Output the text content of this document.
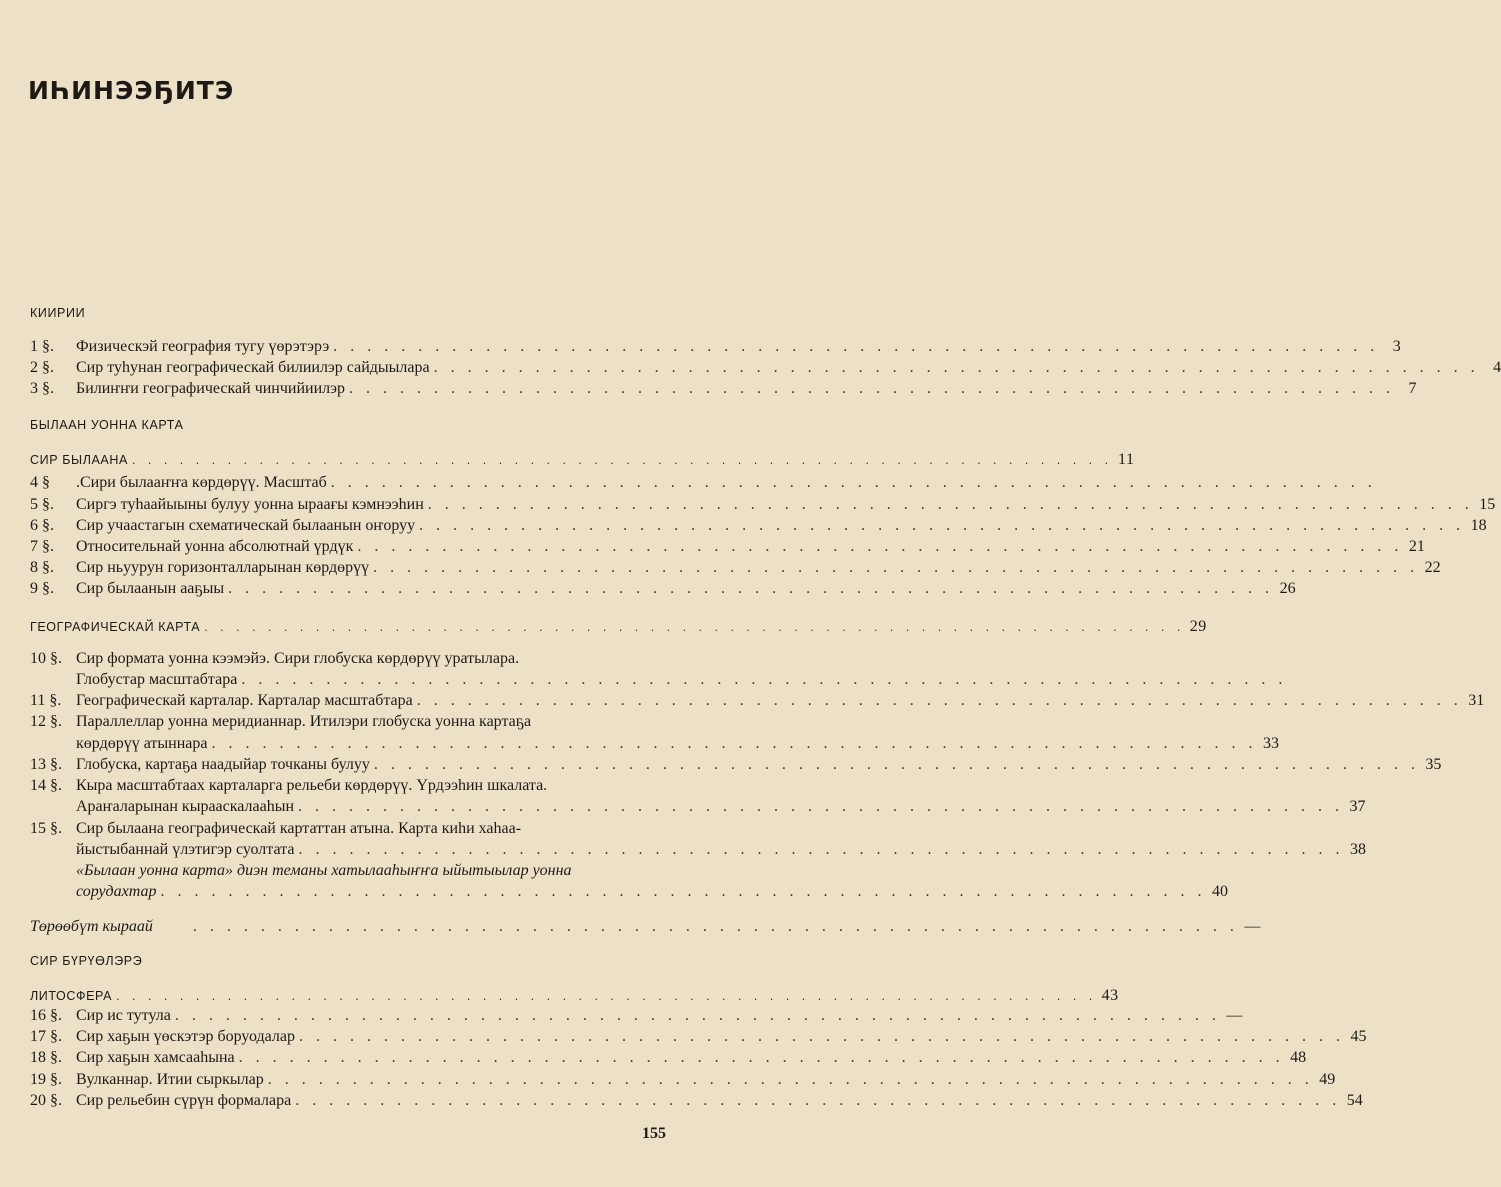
ИҺИНЭЭҔИТЭ
КИИРИИ
1 §.	Физическэй география тугу үөрэтэрэ . . . . . . . . . . . . . . . . . . . . . . . . . . . . . . . . . . . . . . . . . . . . . . . . . . . . . . . . . . . . . . 3
2 §.	Сир туһунан географическай билиилэр сайдыылара . . . . . . . . . . . . . . . . . . . . . . . . . . . . . . . . . . . . . . . . . . . . . . . . . . . . . . . . . . . . . . 4
3 §.	Билиҥҥи географическай чинчийиилэр . . . . . . . . . . . . . . . . . . . . . . . . . . . . . . . . . . . . . . . . . . . . . . . . . . . . . . . . . . . . . . 7
БЫЛААН УОННА КАРТА
СИР БЫЛААНА . . . . . . . . . . . . . . . . . . . . . . . . . . . . . . . . . . . . . . . . . . . . . . . . . . . . . . . . . . . . . . 11
4 §	.Сири былааҥҥа көрдөрүү. Масштаб . . . . . . . . . . . . . . . . . . . . . . . . . . . . . . . . . . . . . . . . . . . . . . . . . . . . . . . . . . . . . .
5 §.	Сиргэ туһаайыыны булуу уонна ыраағы кэмнээһин . . . . . . . . . . . . . . . . . . . . . . . . . . . . . . . . . . . . . . . . . . . . . . . . . . . . . . . . . . . . . . 15
6 §.	Сир учаастагын схематическай былаанын оҥоруу . . . . . . . . . . . . . . . . . . . . . . . . . . . . . . . . . . . . . . . . . . . . . . . . . . . . . . . . . . . . . . 18
7 §.	Относительнай уонна абсолютнай үрдүк . . . . . . . . . . . . . . . . . . . . . . . . . . . . . . . . . . . . . . . . . . . . . . . . . . . . . . . . . . . . . . 21
8 §.	Сир ньуурун горизонталларынан көрдөрүү . . . . . . . . . . . . . . . . . . . . . . . . . . . . . . . . . . . . . . . . . . . . . . . . . . . . . . . . . . . . . . 22
9 §.	Сир былаанын ааҕыы . . . . . . . . . . . . . . . . . . . . . . . . . . . . . . . . . . . . . . . . . . . . . . . . . . . . . . . . . . . . . . 26
ГЕОГРАФИЧЕСКАЙ КАРТА . . . . . . . . . . . . . . . . . . . . . . . . . . . . . . . . . . . . . . . . . . . . . . . . . . . . . . . . . . . . . . 29
10 §. Сир формата уонна кээмэйэ. Сири глобуска көрдөрүү уратылара.
Глобустар масштабтара . . . . . . . . . . . . . . . . . . . . . . . . . . . . . . . . . . . . . . . . . . . . . . . . . . . . . . . . . . . . . .
11 §. Географическай карталар. Карталар масштабтара . . . . . . . . . . . . . . . . . . . . . . . . . . . . . . . . . . . . . . . . . . . . . . . . . . . . . . . . . . . . . . 31
12 §. Параллеллар уонна меридианнар. Итилэри глобуска уонна картаҕа
көрдөрүү атыннара . . . . . . . . . . . . . . . . . . . . . . . . . . . . . . . . . . . . . . . . . . . . . . . . . . . . . . . . . . . . . . 33
13 §. Глобуска, картаҕа наадыйар точканы булуу . . . . . . . . . . . . . . . . . . . . . . . . . . . . . . . . . . . . . . . . . . . . . . . . . . . . . . . . . . . . . . 35
14 §. Кыра масштабтаах карталарга рельеби көрдөрүү. Үрдээһин шкалата.
Араҥаларынан кырааскалааһын . . . . . . . . . . . . . . . . . . . . . . . . . . . . . . . . . . . . . . . . . . . . . . . . . . . . . . . . . . . . . . 37
15 §. Сир былаана географическай картаттан атына. Карта киһи хаһаа-
йыстыбаннай үлэтигэр суолтата . . . . . . . . . . . . . . . . . . . . . . . . . . . . . . . . . . . . . . . . . . . . . . . . . . . . . . . . . . . . . . 38
«Былаан уонна карта» диэн теманы хатылааһыҥҥа ыйытыылар уонна
сорудахтар . . . . . . . . . . . . . . . . . . . . . . . . . . . . . . . . . . . . . . . . . . . . . . . . . . . . . . . . . . . . . . 40
Төрөөбүт кыраай	. . . . . . . . . . . . . . . . . . . . . . . . . . . . . . . . . . . . . . . . . . . . . . . . . . . . . . . . . . . . . . —
СИР БҮРҮӨЛЭРЭ
ЛИТОСФЕРА . . . . . . . . . . . . . . . . . . . . . . . . . . . . . . . . . . . . . . . . . . . . . . . . . . . . . . . . . . . . . . 43
16 §. Сир ис тутула . . . . . . . . . . . . . . . . . . . . . . . . . . . . . . . . . . . . . . . . . . . . . . . . . . . . . . . . . . . . . . —
17 §. Сир хаҕын үөскэтэр боруодалар . . . . . . . . . . . . . . . . . . . . . . . . . . . . . . . . . . . . . . . . . . . . . . . . . . . . . . . . . . . . . . 45
18 §. Сир хаҕын хамсааһына . . . . . . . . . . . . . . . . . . . . . . . . . . . . . . . . . . . . . . . . . . . . . . . . . . . . . . . . . . . . . . 48
19 §. Вулканнар. Итии сыркылар . . . . . . . . . . . . . . . . . . . . . . . . . . . . . . . . . . . . . . . . . . . . . . . . . . . . . . . . . . . . . . 49
20 §. Сир рельебин сүрүн формалара . . . . . . . . . . . . . . . . . . . . . . . . . . . . . . . . . . . . . . . . . . . . . . . . . . . . . . . . . . . . . . 54
155
